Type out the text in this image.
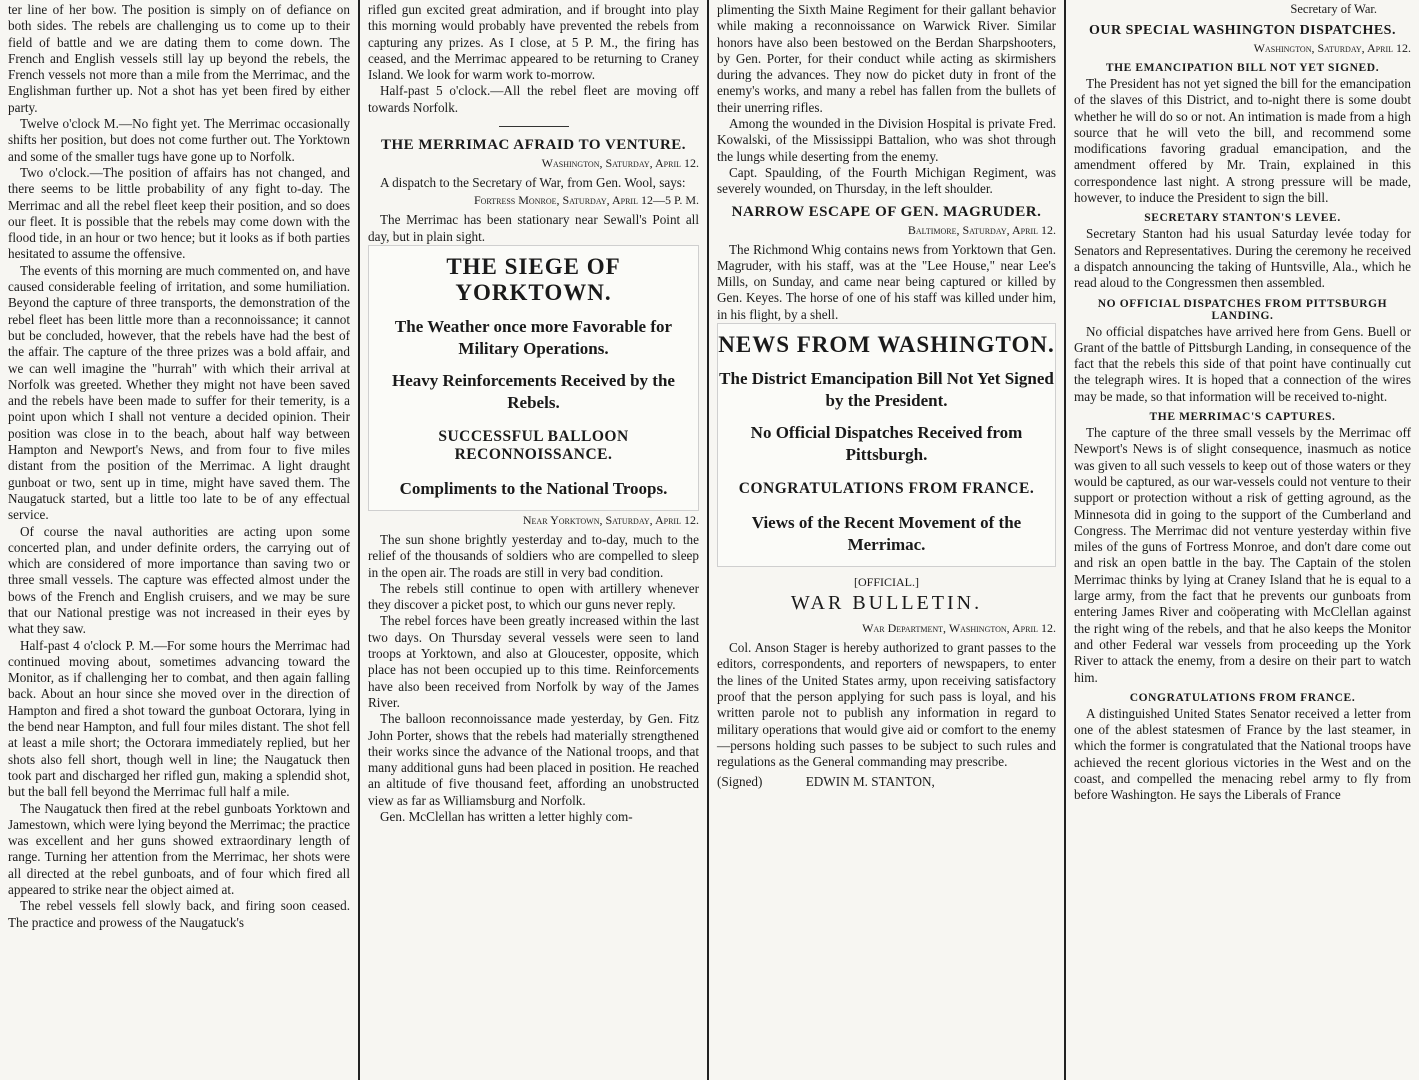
ter line of her bow. The position is simply on of defiance on both sides. The rebels are challenging us to come up to their field of battle and we are dating them to come down. The French and English vessels still lay up beyond the rebels, the French vessels not more than a mile from the Merrimac, and the Englishman further up. Not a shot has yet been fired by either party.

Twelve o'clock M.—No fight yet. The Merrimac occasionally shifts her position, but does not come further out. The Yorktown and some of the smaller tugs have gone up to Norfolk.

Two o'clock.—The position of affairs has not changed, and there seems to be little probability of any fight to-day. The Merrimac and all the rebel fleet keep their position, and so does our fleet. It is possible that the rebels may come down with the flood tide, in an hour or two hence; but it looks as if both parties hesitated to assume the offensive.

The events of this morning are much commented on, and have caused considerable feeling of irritation, and some humiliation. Beyond the capture of three transports, the demonstration of the rebel fleet has been little more than a reconnoissance; it cannot but be concluded, however, that the rebels have had the best of the affair. The capture of the three prizes was a bold affair, and we can well imagine the "hurrah" with which their arrival at Norfolk was greeted. Whether they might not have been saved and the rebels have been made to suffer for their temerity, is a point upon which I shall not venture a decided opinion. Their position was close in to the beach, about half way between Hampton and Newport's News, and from four to five miles distant from the position of the Merrimac. A light draught gunboat or two, sent up in time, might have saved them. The Naugatuck started, but a little too late to be of any effectual service.

Of course the naval authorities are acting upon some concerted plan, and under definite orders, the carrying out of which are considered of more importance than saving two or three small vessels. The capture was effected almost under the bows of the French and English cruisers, and we may be sure that our National prestige was not increased in their eyes by what they saw.

Half-past 4 o'clock P. M.—For some hours the Merrimac had continued moving about, sometimes advancing toward the Monitor, as if challenging her to combat, and then again falling back. About an hour since she moved over in the direction of Hampton and fired a shot toward the gunboat Octorara, lying in the bend near Hampton, and full four miles distant. The shot fell at least a mile short; the Octorara immediately replied, but her shots also fell short, though well in line; the Naugatuck then took part and discharged her rifled gun, making a splendid shot, but the ball fell beyond the Merrimac full half a mile.

The Naugatuck then fired at the rebel gunboats Yorktown and Jamestown, which were lying beyond the Merrimac; the practice was excellent and her guns showed extraordinary length of range. Turning her attention from the Merrimac, her shots were all directed at the rebel gunboats, and of four which fired all appeared to strike near the object aimed at.

The rebel vessels fell slowly back, and firing soon ceased. The practice and prowess of the Naugatuck's

rifled gun excited great admiration, and if brought into play this morning would probably have prevented the rebels from capturing any prizes. As I close, at 5 P. M., the firing has ceased, and the Merrimac appeared to be returning to Craney Island. We look for warm work to-morrow.

Half-past 5 o'clock.—All the rebel fleet are moving off towards Norfolk.

THE MERRIMAC AFRAID TO VENTURE.
Washington, Saturday, April 12.

A dispatch to the Secretary of War, from Gen. Wool, says:

Fortress Monroe, Saturday, April 12—5 P. M.

The Merrimac has been stationary near Sewall's Point all day, but in plain sight.

THE SIEGE OF YORKTOWN.
The Weather once more Favorable for Military Operations.
Heavy Reinforcements Received by the Rebels.
SUCCESSFUL BALLOON RECONNOISSANCE.
Compliments to the National Troops.
Near Yorktown, Saturday, April 12.

The sun shone brightly yesterday and to-day, much to the relief of the thousands of soldiers who are compelled to sleep in the open air. The roads are still in very bad condition.

The rebels still continue to open with artillery whenever they discover a picket post, to which our guns never reply.

The rebel forces have been greatly increased within the last two days. On Thursday several vessels were seen to land troops at Yorktown, and also at Gloucester, opposite, which place has not been occupied up to this time. Reinforcements have also been received from Norfolk by way of the James River.

The balloon reconnoissance made yesterday, by Gen. Fitz John Porter, shows that the rebels had materially strengthened their works since the advance of the National troops, and that many additional guns had been placed in position. He reached an altitude of five thousand feet, affording an unobstructed view as far as Williamsburg and Norfolk.

Gen. McClellan has written a letter highly com-

plimenting the Sixth Maine Regiment for their gallant behavior while making a reconnoissance on Warwick River. Similar honors have also been bestowed on the Berdan Sharpshooters, by Gen. Porter, for their conduct while acting as skirmishers during the advances. They now do picket duty in front of the enemy's works, and many a rebel has fallen from the bullets of their unerring rifles.

Among the wounded in the Division Hospital is private Fred. Kowalski, of the Mississippi Battalion, who was shot through the lungs while deserting from the enemy.

Capt. Spaulding, of the Fourth Michigan Regiment, was severely wounded, on Thursday, in the left shoulder.

NARROW ESCAPE OF GEN. MAGRUDER.
Baltimore, Saturday, April 12.

The Richmond Whig contains news from Yorktown that Gen. Magruder, with his staff, was at the "Lee House," near Lee's Mills, on Sunday, and came near being captured or killed by Gen. Keyes. The horse of one of his staff was killed under him, in his flight, by a shell.

NEWS FROM WASHINGTON.
The District Emancipation Bill Not Yet Signed by the President.
No Official Dispatches Received from Pittsburgh.
CONGRATULATIONS FROM FRANCE.
Views of the Recent Movement of the Merrimac.
[OFFICIAL.]
WAR BULLETIN.
War Department, Washington, April 12.

Col. Anson Stager is hereby authorized to grant passes to the editors, correspondents, and reporters of newspapers, to enter the lines of the United States army, upon receiving satisfactory proof that the person applying for such pass is loyal, and his written parole not to publish any information in regard to military operations that would give aid or comfort to the enemy—persons holding such passes to be subject to such rules and regulations as the General commanding may prescribe.

(Signed)	EDWIN M. STANTON,
Secretary of War.
OUR SPECIAL WASHINGTON DISPATCHES.
Washington, Saturday, April 12.
THE EMANCIPATION BILL NOT YET SIGNED.

The President has not yet signed the bill for the emancipation of the slaves of this District, and to-night there is some doubt whether he will do so or not. An intimation is made from a high source that he will veto the bill, and recommend some modifications favoring gradual emancipation, and the amendment offered by Mr. Train, explained in this correspondence last night. A strong pressure will be made, however, to induce the President to sign the bill.

SECRETARY STANTON'S LEVEE.

Secretary Stanton had his usual Saturday levée today for Senators and Representatives. During the ceremony he received a dispatch announcing the taking of Huntsville, Ala., which he read aloud to the Congressmen then assembled.

NO OFFICIAL DISPATCHES FROM PITTSBURGH LANDING.

No official dispatches have arrived here from Gens. Buell or Grant of the battle of Pittsburgh Landing, in consequence of the fact that the rebels this side of that point have continually cut the telegraph wires. It is hoped that a connection of the wires may be made, so that information will be received to-night.

THE MERRIMAC'S CAPTURES.

The capture of the three small vessels by the Merrimac off Newport's News is of slight consequence, inasmuch as notice was given to all such vessels to keep out of those waters or they would be captured, as our war-vessels could not venture to their support or protection without a risk of getting aground, as the Minnesota did in going to the support of the Cumberland and Congress. The Merrimac did not venture yesterday within five miles of the guns of Fortress Monroe, and don't dare come out and risk an open battle in the bay. The Captain of the stolen Merrimac thinks by lying at Craney Island that he is equal to a large army, from the fact that he prevents our gunboats from entering James River and coöperating with McClellan against the right wing of the rebels, and that he also keeps the Monitor and other Federal war vessels from proceeding up the York River to attack the enemy, from a desire on their part to watch him.

CONGRATULATIONS FROM FRANCE.

A distinguished United States Senator received a letter from one of the ablest statesmen of France by the last steamer, in which the former is congratulated that the National troops have achieved the recent glorious victories in the West and on the coast, and compelled the menacing rebel army to fly from before Washington. He says the Liberals of France
